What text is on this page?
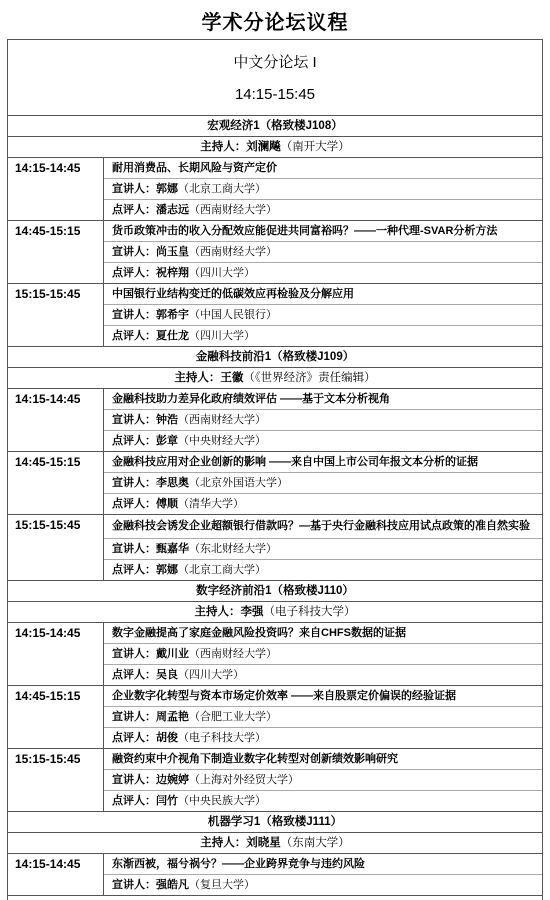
学术分论坛议程
中文分论坛 I
14:15-15:45
宏观经济1（格致楼J108）
主持人：刘澜飚（南开大学）
14:15-14:45	耐用消费品、长期风险与资产定价
宣讲人：郭娜（北京工商大学）
点评人：潘志远（西南财经大学）
14:45-15:15	货币政策冲击的收入分配效应能促进共同富裕吗？——一种代理-SVAR分析方法
宣讲人：尚玉皇（西南财经大学）
点评人：祝梓翔（四川大学）
15:15-15:45	中国银行业结构变迁的低碳效应再检验及分解应用
宣讲人：郭希宇（中国人民银行）
点评人：夏仕龙（四川大学）
金融科技前沿1（格致楼J109）
主持人：王徽（《世界经济》责任编辑）
14:15-14:45	金融科技助力差异化政府绩效评估 ——基于文本分析视角
宣讲人：钟浩（西南财经大学）
点评人：彭章（中央财经大学）
14:45-15:15	金融科技应用对企业创新的影响 ——来自中国上市公司年报文本分析的证据
宣讲人：李思奥（北京外国语大学）
点评人：傅顺（清华大学）
15:15-15:45	金融科技会诱发企业超额银行借款吗？—基于央行金融科技应用试点政策的准自然实验
宣讲人：甄嘉华（东北财经大学）
点评人：郭娜（北京工商大学）
数字经济前沿1（格致楼J110）
主持人：李强（电子科技大学）
14:15-14:45	数字金融提高了家庭金融风险投资吗？来自CHFS数据的证据
宣讲人：戴川业（西南财经大学）
点评人：吴良（四川大学）
14:45-15:15	企业数字化转型与资本市场定价效率 ——来自股票定价偏误的经验证据
宣讲人：周孟艳（合肥工业大学）
点评人：胡俊（电子科技大学）
15:15-15:45	融资约束中介视角下制造业数字化转型对创新绩效影响研究
宣讲人：边婉婷（上海对外经贸大学）
点评人：闫竹（中央民族大学）
机器学习1（格致楼J111）
主持人：刘晓星（东南大学）
14:15-14:45	东渐西被，福兮祸兮？——企业跨界竞争与违约风险
宣讲人：强皓凡（复旦大学）
